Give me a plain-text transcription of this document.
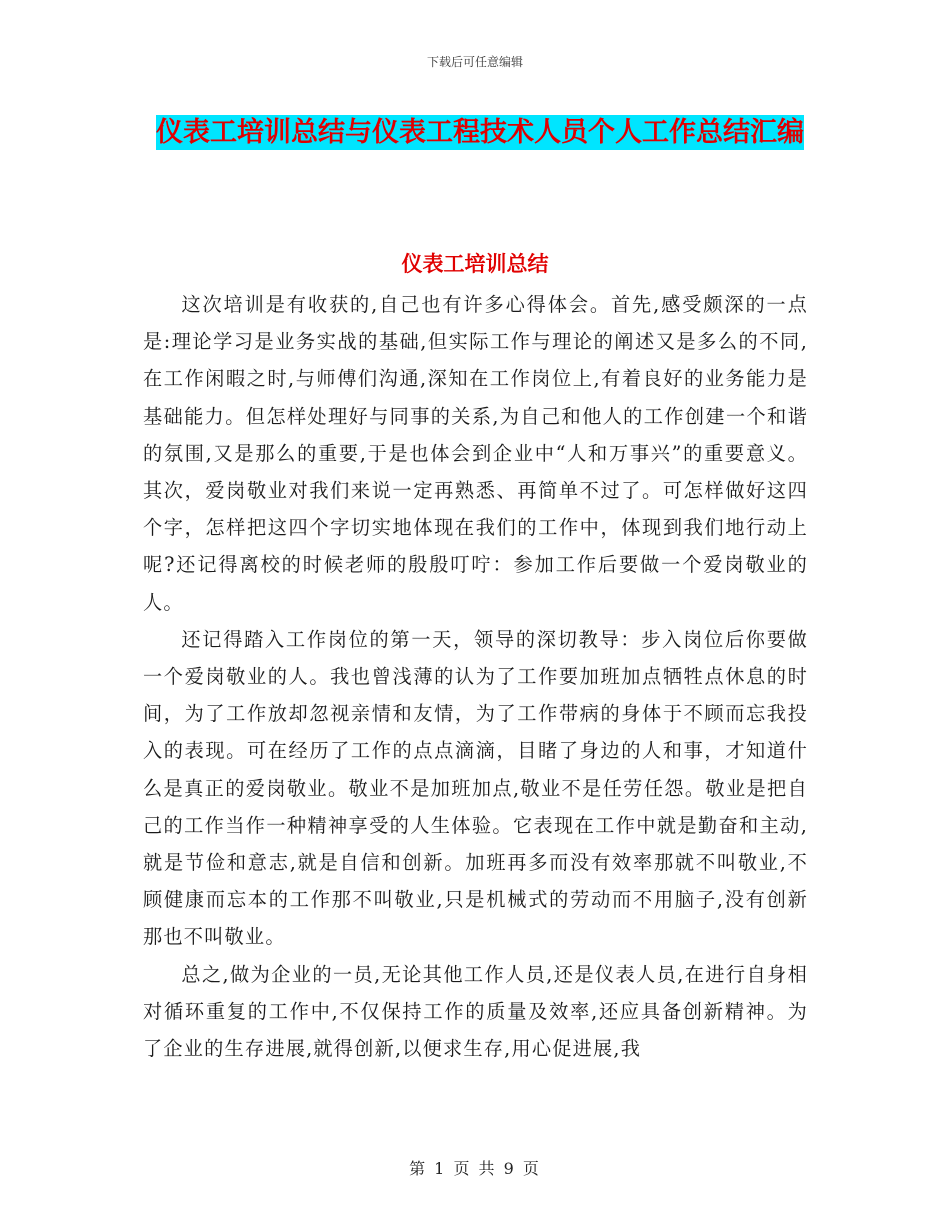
下载后可任意编辑
仪表工培训总结与仪表工程技术人员个人工作总结汇编
仪表工培训总结

这次培训是有收获的,自己也有许多心得体会。首先,感受颇深的一点是:理论学习是业务实战的基础,但实际工作与理论的阐述又是多么的不同,在工作闲暇之时,与师傅们沟通,深知在工作岗位上,有着良好的业务能力是基础能力。但怎样处理好与同事的关系,为自己和他人的工作创建一个和谐的氛围,又是那么的重要,于是也体会到企业中“人和万事兴”的重要意义。其次，爱岗敬业对我们来说一定再熟悉、再简单不过了。可怎样做好这四个字，怎样把这四个字切实地体现在我们的工作中，体现到我们地行动上呢?还记得离校的时候老师的殷殷叮咛：参加工作后要做一个爱岗敬业的人。

还记得踏入工作岗位的第一天，领导的深切教导：步入岗位后你要做一个爱岗敬业的人。我也曾浅薄的认为了工作要加班加点牺牲点休息的时间，为了工作放却忽视亲情和友情，为了工作带病的身体于不顾而忘我投入的表现。可在经历了工作的点点滴滴，目睹了身边的人和事，才知道什么是真正的爱岗敬业。敬业不是加班加点,敬业不是任劳任怨。敬业是把自己的工作当作一种精神享受的人生体验。它表现在工作中就是勤奋和主动,就是节俭和意志,就是自信和创新。加班再多而没有效率那就不叫敬业,不顾健康而忘本的工作那不叫敬业,只是机械式的劳动而不用脑子,没有创新那也不叫敬业。

总之,做为企业的一员,无论其他工作人员,还是仪表人员,在进行自身相对循环重复的工作中,不仅保持工作的质量及效率,还应具备创新精神。为了企业的生存进展,就得创新,以便求生存,用心促进展,我

第 1 页 共 9 页
